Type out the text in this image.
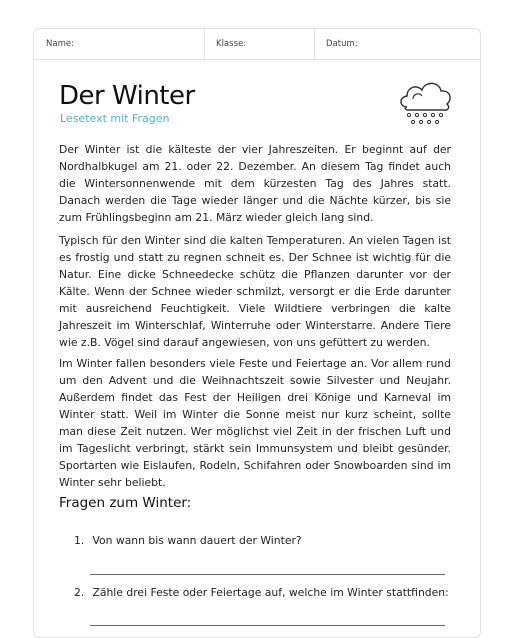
Name:	Klasse:	Datum:
Der Winter
Lesetext mit Fragen

Der Winter ist die kälteste der vier Jahreszeiten. Er beginnt auf der Nordhalbkugel am 21. oder 22. Dezember. An diesem Tag findet auch die Wintersonnenwende mit dem kürzesten Tag des Jahres statt. Danach werden die Tage wieder länger und die Nächte kürzer, bis sie zum Frühlingsbeginn am 21. März wieder gleich lang sind.

Typisch für den Winter sind die kalten Temperaturen. An vielen Tagen ist es frostig und statt zu regnen schneit es. Der Schnee ist wichtig für die Natur. Eine dicke Schneedecke schütz die Pflanzen darunter vor der Kälte. Wenn der Schnee wieder schmilzt, versorgt er die Erde darunter mit ausreichend Feuchtigkeit. Viele Wildtiere verbringen die kalte Jahreszeit im Winterschlaf, Winterruhe oder Winterstarre. Andere Tiere wie z.B. Vögel sind darauf angewiesen, von uns gefüttert zu werden.

Im Winter fallen besonders viele Feste und Feiertage an. Vor allem rund um den Advent und die Weihnachtszeit sowie Silvester und Neujahr. Außerdem findet das Fest der Heiligen drei Könige und Karneval im Winter statt. Weil im Winter die Sonne meist nur kurz scheint, sollte man diese Zeit nutzen. Wer möglichst viel Zeit in der frischen Luft und im Tageslicht verbringt, stärkt sein Immunsystem und bleibt gesünder. Sportarten wie Eislaufen, Rodeln, Schifahren oder Snowboarden sind im Winter sehr beliebt.

Fragen zum Winter:
1. Von wann bis wann dauert der Winter?
2. Zähle drei Feste oder Feiertage auf, welche im Winter stattfinden:
